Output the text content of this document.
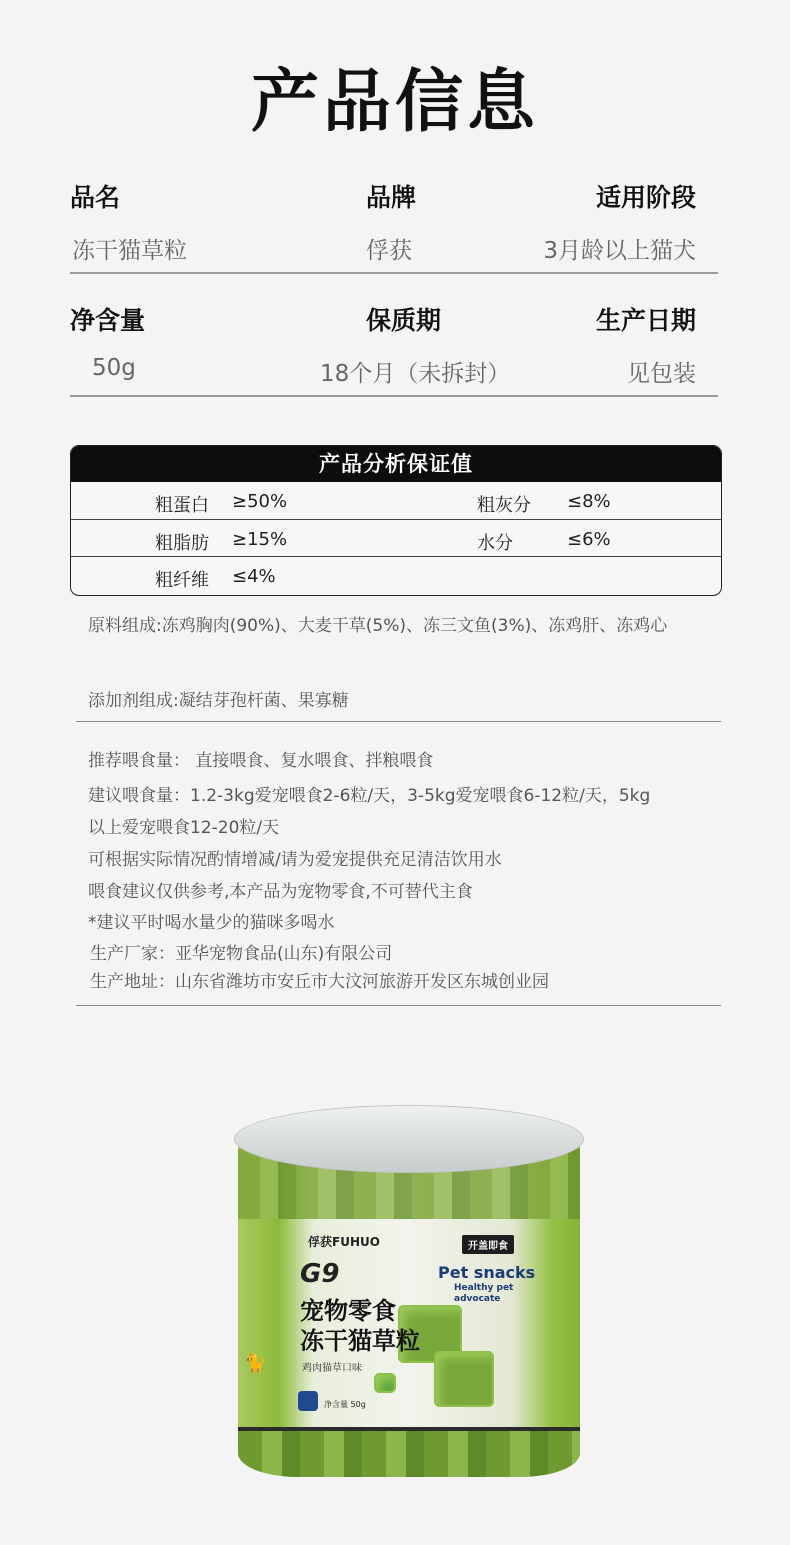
产品信息
品名
冻干猫草粒
品牌
俘获
适用阶段
3月龄以上猫犬
净含量
50g
保质期
18个月（未拆封）
生产日期
见包装
产品分析保证值
粗蛋白 ≥50%	粗灰分 ≤8%
粗脂肪 ≥15%	水分	≤6%
粗纤维 ≤4%
原料组成:冻鸡胸肉(90%)、大麦干草(5%)、冻三文鱼(3%)、冻鸡肝、冻鸡心
添加剂组成:凝结芽孢杆菌、果寡糖
推荐喂食量： 直接喂食、复水喂食、拌粮喂食
建议喂食量：1.2-3kg爱宠喂食2-6粒/天，3-5kg爱宠喂食6-12粒/天，5kg
以上爱宠喂食12-20粒/天
可根据实际情况酌情增减/请为爱宠提供充足清洁饮用水
喂食建议仅供参考,本产品为宠物零食,不可替代主食
*建议平时喝水量少的猫咪多喝水
生产厂家：亚华宠物食品(山东)有限公司
生产地址：山东省潍坊市安丘市大汶河旅游开发区东城创业园
俘获FUHUO
G9
宠物零食
冻干猫草粒
鸡肉猫草口味
开盖即食
Pet snacks
Healthy pet
advocate
净含量 50g
🐈
